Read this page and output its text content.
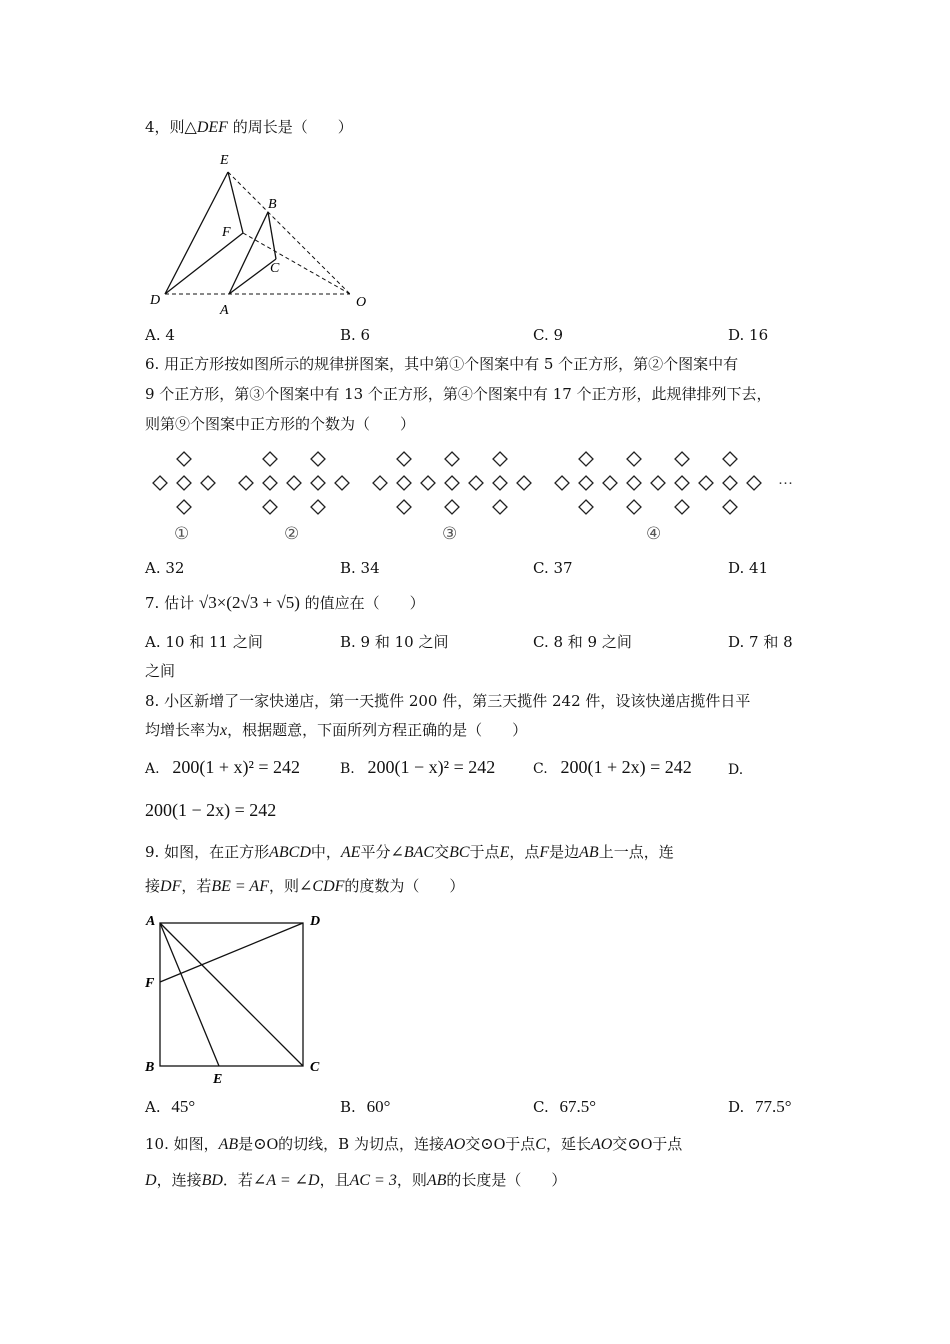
4，则△DEF 的周长是（　　）
E
B
F
C
D
A
O
A. 4	B. 6	C. 9	D. 16
6. 用正方形按如图所示的规律拼图案，其中第①个图案中有 5 个正方形，第②个图案中有
9 个正方形，第③个图案中有 13 个正方形，第④个图案中有 17 个正方形，此规律排列下去，
则第⑨个图案中正方形的个数为（　　）
···
①	②	③	④
A. 32	B. 34	C. 37	D. 41
7. 估计 √3×(2√3 + √5) 的值应在（　　）
A. 10 和 11 之间	B. 9 和 10 之间	C. 8 和 9 之间	D. 7 和 8
之间
8. 小区新增了一家快递店，第一天揽件 200 件，第三天揽件 242 件，设该快递店揽件日平
均增长率为x，根据题意，下面所列方程正确的是（　　）
A. 200(1 + x)² = 242	B. 200(1 − x)² = 242	C. 200(1 + 2x) = 242	D.
200(1 − 2x) = 242
9. 如图，在正方形ABCD中，AE平分∠BAC交BC于点E，点F是边AB上一点，连
接DF，若BE = AF，则∠CDF的度数为（　　）
A	D
F
B
E
C
A. 45°	B. 60°	C. 67.5°	D. 77.5°
10. 如图，AB是⊙O的切线，B 为切点，连接AO交⊙O于点C，延长AO交⊙O于点
D，连接BD．若∠A = ∠D，且AC = 3，则AB的长度是（　　）
